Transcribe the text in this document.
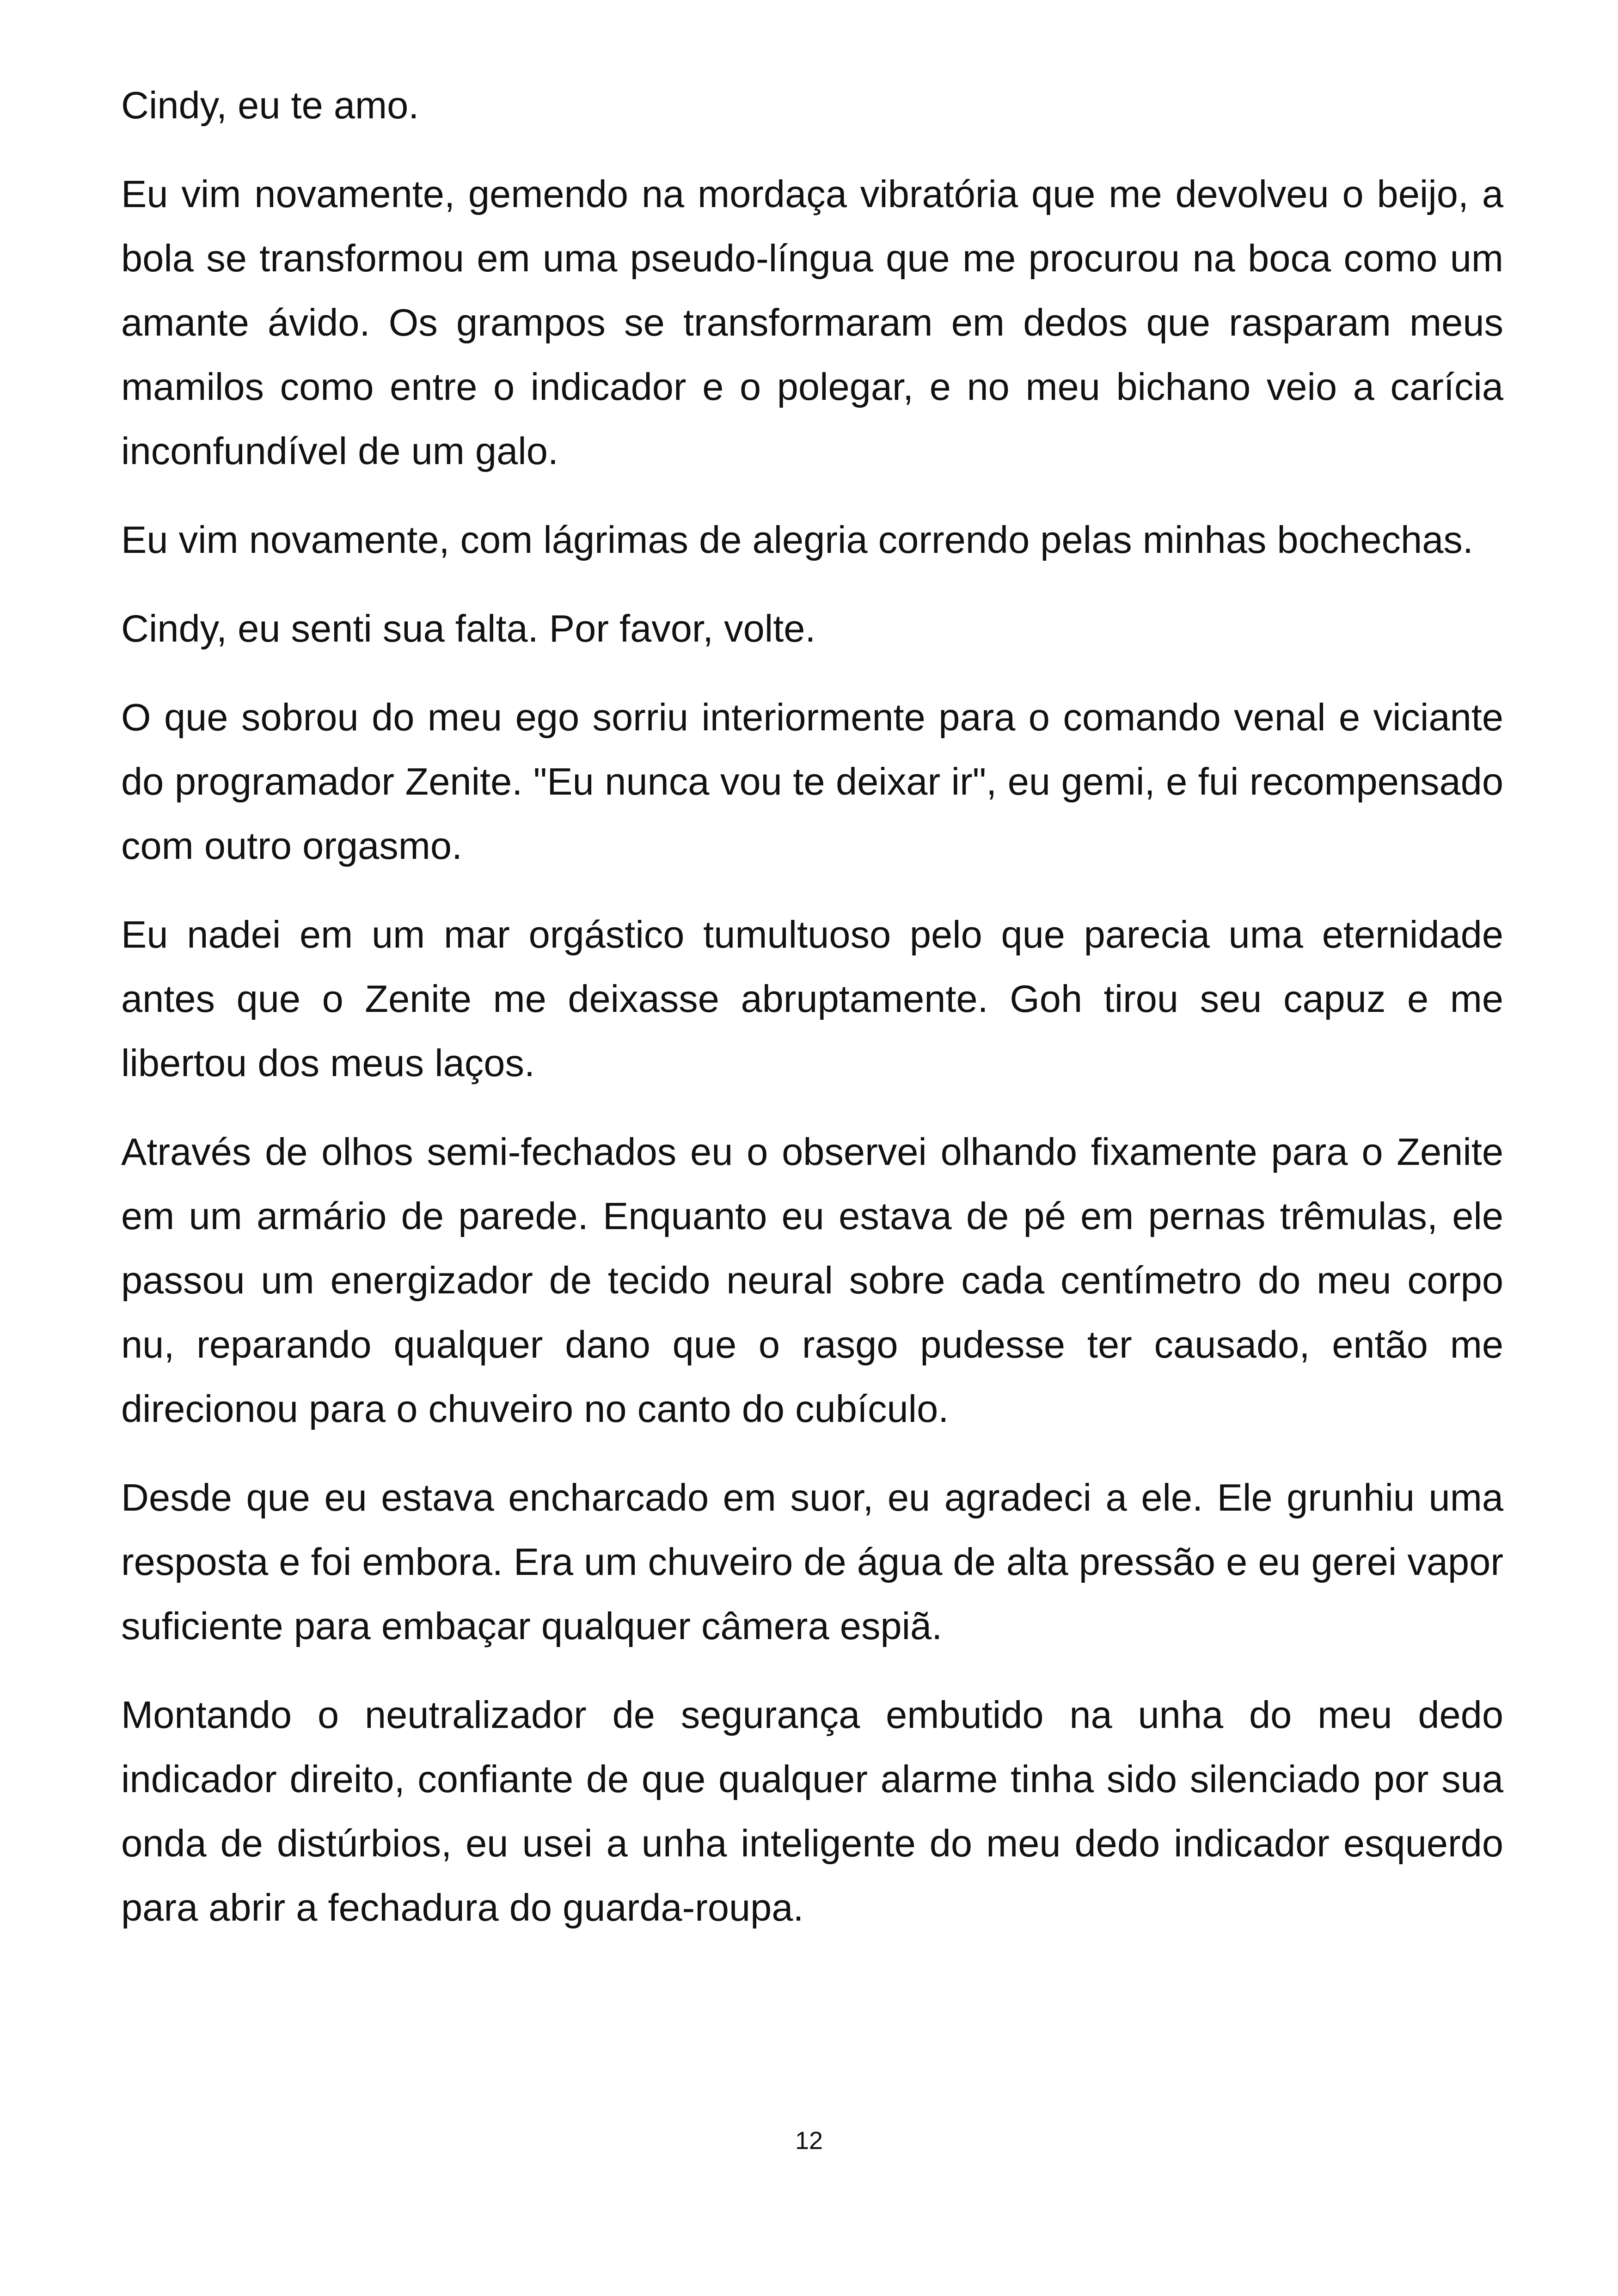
Cindy, eu te amo.

Eu vim novamente, gemendo na mordaça vibratória que me devolveu o beijo, a bola se transformou em uma pseudo-língua que me procurou na boca como um amante ávido. Os grampos se transformaram em dedos que rasparam meus mamilos como entre o indicador e o polegar, e no meu bichano veio a carícia inconfundível de um galo.

Eu vim novamente, com lágrimas de alegria correndo pelas minhas bochechas.

Cindy, eu senti sua falta. Por favor, volte.

O que sobrou do meu ego sorriu interiormente para o comando venal e viciante do programador Zenite. "Eu nunca vou te deixar ir", eu gemi, e fui recompensado com outro orgasmo.

Eu nadei em um mar orgástico tumultuoso pelo que parecia uma eternidade antes que o Zenite me deixasse abruptamente. Goh tirou seu capuz e me libertou dos meus laços.

Através de olhos semi-fechados eu o observei olhando fixamente para o Zenite em um armário de parede. Enquanto eu estava de pé em pernas trêmulas, ele passou um energizador de tecido neural sobre cada centímetro do meu corpo nu, reparando qualquer dano que o rasgo pudesse ter causado, então me direcionou para o chuveiro no canto do cubículo.

Desde que eu estava encharcado em suor, eu agradeci a ele. Ele grunhiu uma resposta e foi embora. Era um chuveiro de água de alta pressão e eu gerei vapor suficiente para embaçar qualquer câmera espiã.

Montando o neutralizador de segurança embutido na unha do meu dedo indicador direito, confiante de que qualquer alarme tinha sido silenciado por sua onda de distúrbios, eu usei a unha inteligente do meu dedo indicador esquerdo para abrir a fechadura do guarda-roupa.

12
